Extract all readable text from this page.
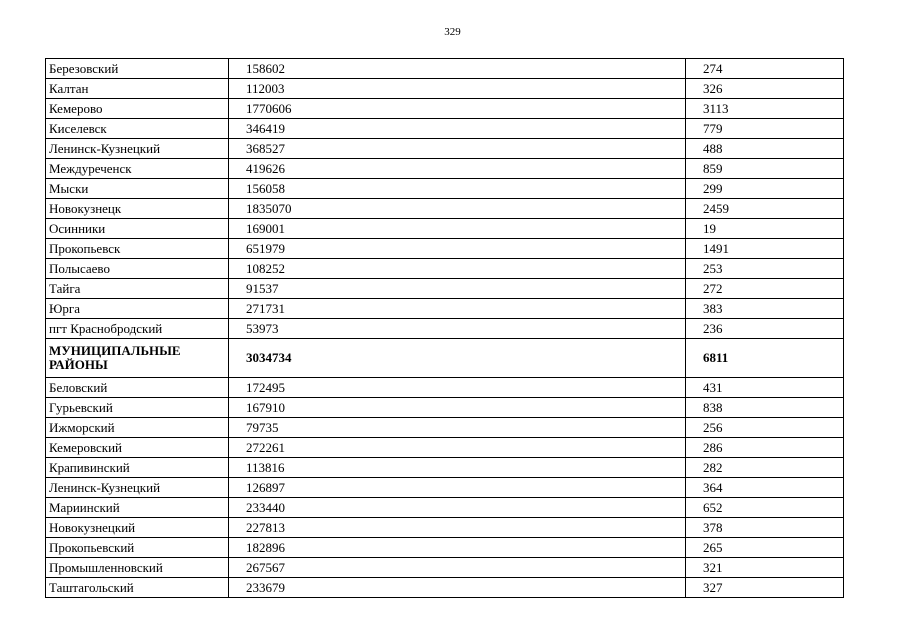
329
Березовский	158602	274
Калтан	112003	326
Кемерово	1770606	3113
Киселевск	346419	779
Ленинск-Кузнецкий	368527	488
Междуреченск	419626	859
Мыски	156058	299
Новокузнецк	1835070	2459
Осинники	169001	19
Прокопьевск	651979	1491
Полысаево	108252	253
Тайга	91537	272
Юрга	271731	383
пгт Краснобродский	53973	236
МУНИЦИПАЛЬНЫЕ РАЙОНЫ	3034734	6811
Беловский	172495	431
Гурьевский	167910	838
Ижморский	79735	256
Кемеровский	272261	286
Крапивинский	113816	282
Ленинск-Кузнецкий	126897	364
Мариинский	233440	652
Новокузнецкий	227813	378
Прокопьевский	182896	265
Промышленновский	267567	321
Таштагольский	233679	327
